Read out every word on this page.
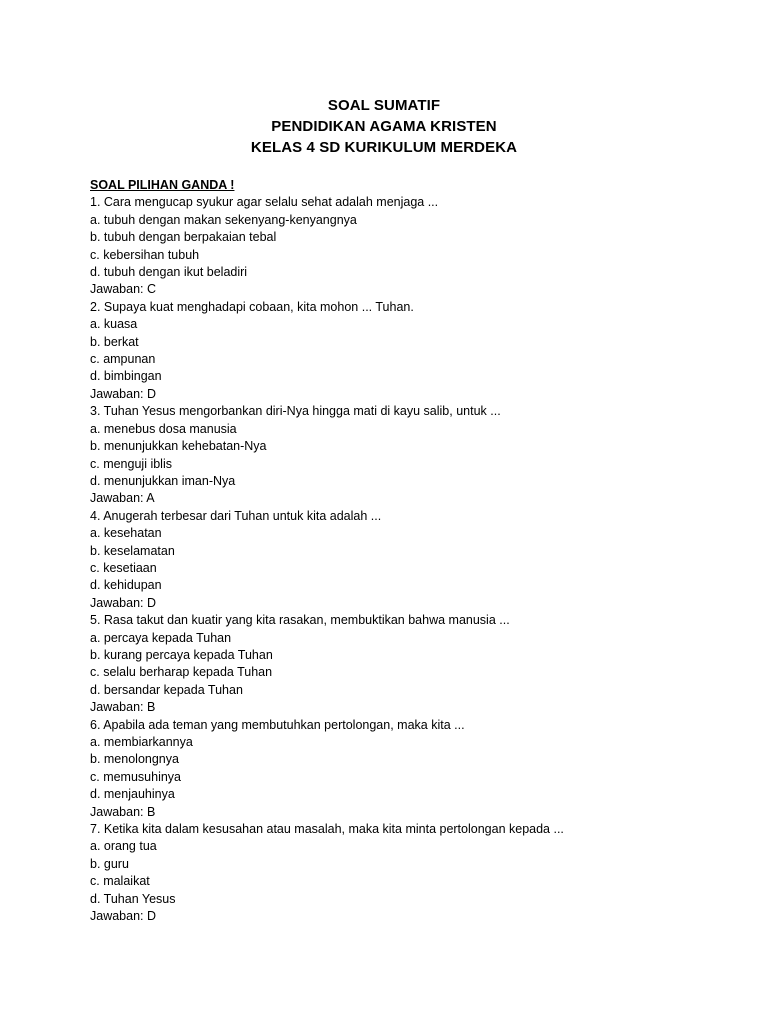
SOAL SUMATIF
PENDIDIKAN AGAMA KRISTEN
KELAS 4 SD KURIKULUM MERDEKA
SOAL PILIHAN GANDA !
1. Cara mengucap syukur agar selalu sehat adalah menjaga ...
a. tubuh dengan makan sekenyang-kenyangnya
b. tubuh dengan berpakaian tebal
c. kebersihan tubuh
d. tubuh dengan ikut beladiri
Jawaban: C
2. Supaya kuat menghadapi cobaan, kita mohon ... Tuhan.
a. kuasa
b. berkat
c. ampunan
d. bimbingan
Jawaban: D
3. Tuhan Yesus mengorbankan diri-Nya hingga mati di kayu salib, untuk ...
a. menebus dosa manusia
b. menunjukkan kehebatan-Nya
c. menguji iblis
d. menunjukkan iman-Nya
Jawaban: A
4. Anugerah terbesar dari Tuhan untuk kita adalah ...
a. kesehatan
b. keselamatan
c. kesetiaan
d. kehidupan
Jawaban: D
5. Rasa takut dan kuatir yang kita rasakan, membuktikan bahwa manusia ...
a. percaya kepada Tuhan
b. kurang percaya kepada Tuhan
c. selalu berharap kepada Tuhan
d. bersandar kepada Tuhan
Jawaban: B
6. Apabila ada teman yang membutuhkan pertolongan, maka kita ...
a. membiarkannya
b. menolongnya
c. memusuhinya
d. menjauhinya
Jawaban: B
7. Ketika kita dalam kesusahan atau masalah, maka kita minta pertolongan kepada ...
a. orang tua
b. guru
c. malaikat
d. Tuhan Yesus
Jawaban: D
